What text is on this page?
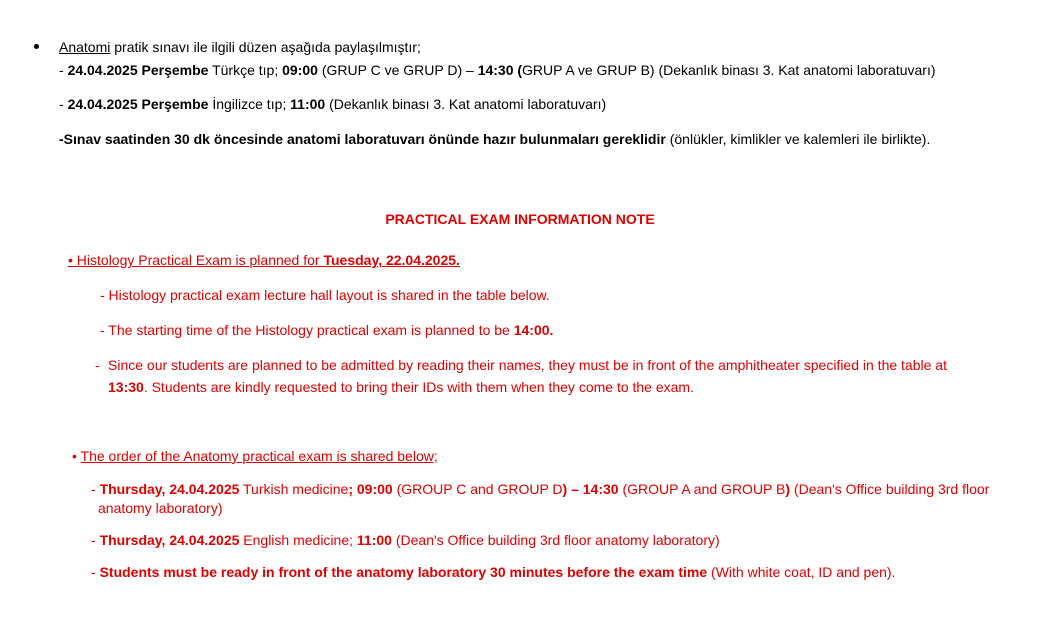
Anatomi pratik sınavı ile ilgili düzen aşağıda paylaşılmıştır;
- 24.04.2025 Perşembe Türkçe tıp; 09:00 (GRUP C ve GRUP D) – 14:30 (GRUP A ve GRUP B) (Dekanlık binası 3. Kat anatomi laboratuvarı)
- 24.04.2025 Perşembe İngilizce tıp; 11:00 (Dekanlık binası 3. Kat anatomi laboratuvarı)
-Sınav saatinden 30 dk öncesinde anatomi laboratuvarı önünde hazır bulunmaları gereklidir (önlükler, kimlikler ve kalemleri ile birlikte).
PRACTICAL EXAM INFORMATION NOTE
• Histology Practical Exam is planned for Tuesday, 22.04.2025.
- Histology practical exam lecture hall layout is shared in the table below.
- The starting time of the Histology practical exam is planned to be 14:00.
- Since our students are planned to be admitted by reading their names, they must be in front of the amphitheater specified in the table at
13:30. Students are kindly requested to bring their IDs with them when they come to the exam.
• The order of the Anatomy practical exam is shared below;
- Thursday, 24.04.2025 Turkish medicine; 09:00 (GROUP C and GROUP D) – 14:30 (GROUP A and GROUP B) (Dean's Office building 3rd floor
anatomy laboratory)
- Thursday, 24.04.2025 English medicine; 11:00 (Dean's Office building 3rd floor anatomy laboratory)
- Students must be ready in front of the anatomy laboratory 30 minutes before the exam time (With white coat, ID and pen).
